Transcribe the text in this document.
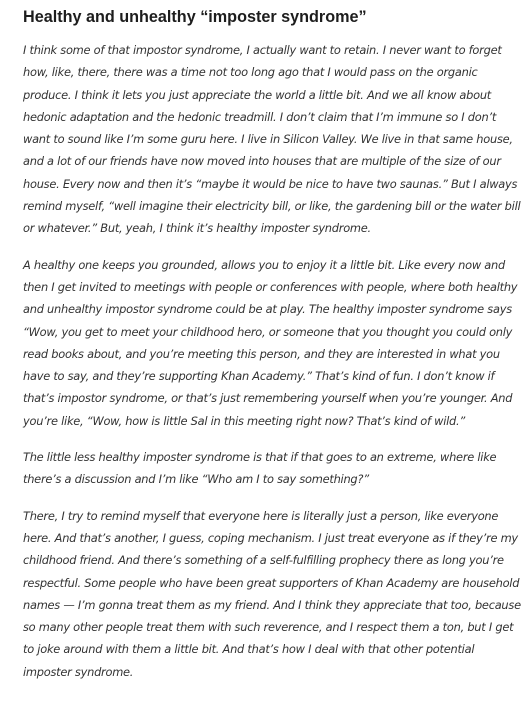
Healthy and unhealthy “imposter syndrome”

I think some of that impostor syndrome, I actually want to retain. I never want to forget how, like, there, there was a time not too long ago that I would pass on the organic produce. I think it lets you just appreciate the world a little bit. And we all know about hedonic adaptation and the hedonic treadmill. I don’t claim that I’m immune so I don’t want to sound like I’m some guru here. I live in Silicon Valley. We live in that same house, and a lot of our friends have now moved into houses that are multiple of the size of our house. Every now and then it’s “maybe it would be nice to have two saunas.” But I always remind myself, “well imagine their electricity bill, or like, the gardening bill or the water bill or whatever.” But, yeah, I think it’s healthy imposter syndrome.

A healthy one keeps you grounded, allows you to enjoy it a little bit. Like every now and then I get invited to meetings with people or conferences with people, where both healthy and unhealthy impostor syndrome could be at play. The healthy imposter syndrome says “Wow, you get to meet your childhood hero, or someone that you thought you could only read books about, and you’re meeting this person, and they are interested in what you have to say, and they’re supporting Khan Academy.” That’s kind of fun. I don’t know if that’s impostor syndrome, or that’s just remembering yourself when you’re younger. And you’re like, “Wow, how is little Sal in this meeting right now? That’s kind of wild.”

The little less healthy imposter syndrome is that if that goes to an extreme, where like there’s a discussion and I’m like “Who am I to say something?”

There, I try to remind myself that everyone here is literally just a person, like everyone here. And that’s another, I guess, coping mechanism. I just treat everyone as if they’re my childhood friend. And there’s something of a self-fulfilling prophecy there as long you’re respectful. Some people who have been great supporters of Khan Academy are household names — I’m gonna treat them as my friend. And I think they appreciate that too, because so many other people treat them with such reverence, and I respect them a ton, but I get to joke around with them a little bit. And that’s how I deal with that other potential imposter syndrome.
